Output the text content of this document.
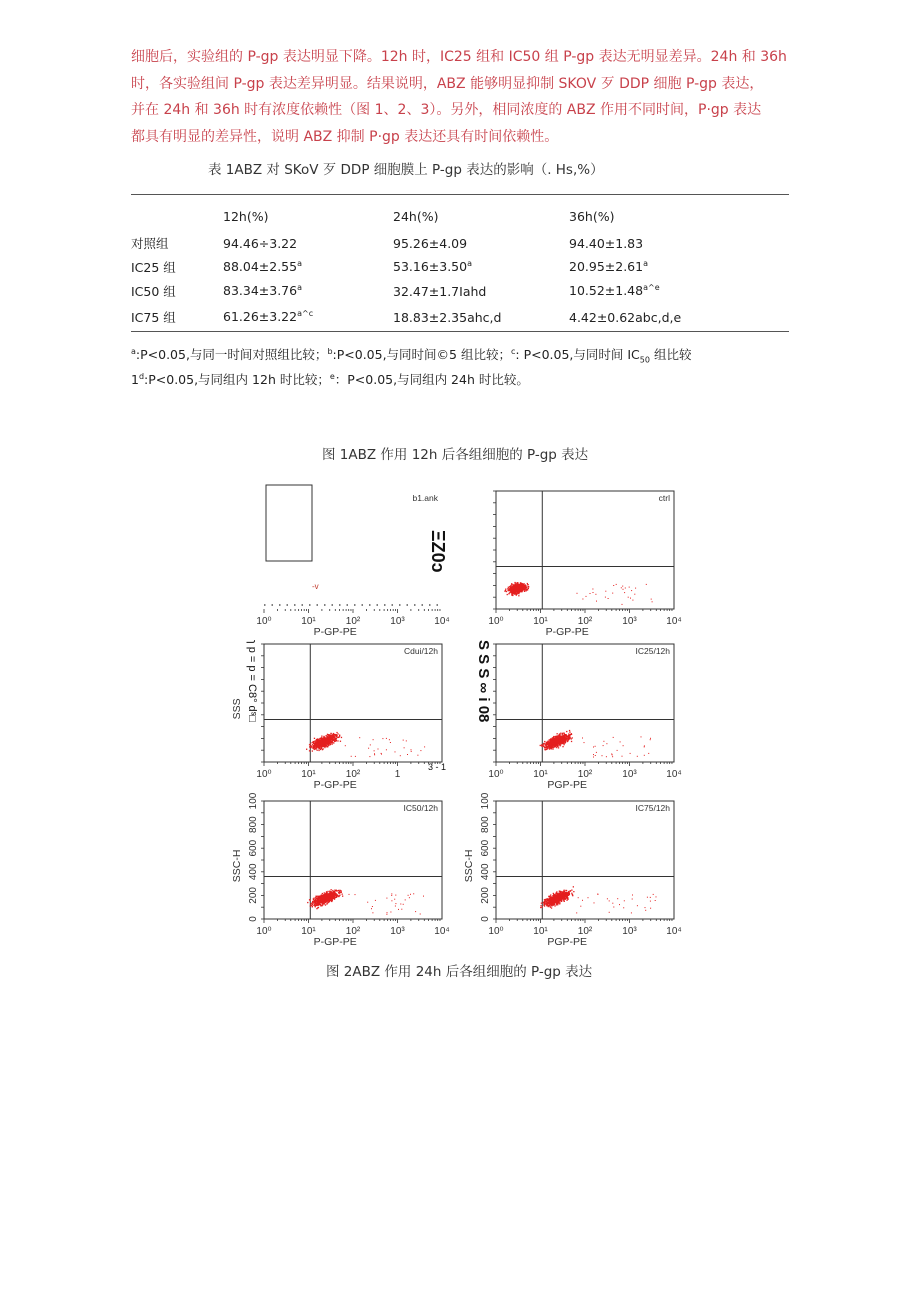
细胞后，实验组的 P-gp 表达明显下降。12h 时，IC25 组和 IC50 组 P-gp 表达无明显差异。24h 和 36h

时，各实验组间 P-gp 表达差异明显。结果说明，ABZ 能够明显抑制 SKOV 歹 DDP 细胞 P-gp 表达，

并在 24h 和 36h 时有浓度依赖性（图 1、2、3）。另外，相同浓度的 ABZ 作用不同时间，P·gp 表达

都具有明显的差异性，说明 ABZ 抑制 P·gp 表达还具有时间依赖性。

表 1ABZ 对 SKoV 歹 DDP 细胞膜上 P-gp 表达的影响（. Hs,%）
	12h(%)	24h(%)	36h(%)
对照组	94.46÷3.22	95.26±4.09	94.40±1.83
IC25 组	88.04±2.55$^a$	53.16±3.50$^a$	20.95±2.61$^a$
IC50 组	83.34±3.76$^a$	32.47±1.7Iahd	$10.52\pm 1.48^{a\^{}e}$
IC75 组	$61.26\pm 3.22^{a\^{}c}$	18.83±2.35ahc,d	4.42±0.62abc,d,e
$^a$:P<0.05,与同一时间对照组比较；$^b$:P<0.05,与同时间©5 组比较；$^c$: P<0.05,与同时间 $IC_{50}$ 组比较
$1^d:P<0.05$,与同组内 12h 时比较；$^e$：P<0.05,与同组内 24h 时比较。
图 1ABZ 作用 12h 后各组细胞的 P-gp 表达
10⁰	10¹	10²	10³	10⁴
P-GP-PE
b1.ank
10⁰	10¹	10²	10³	10⁴
P-GP-PE
ctrl
10⁰	10¹	10²	1
P-GP-PE
SSS
Cdui/12h
10⁰	10¹	10²	10³	10⁴
PGP-PE
IC25/12h
10⁰	10¹	10²	10³	10⁴
0
200
400
600
800
100
P-GP-PE
SSC-H
IC50/12h
10⁰	10¹	10²	10³	10⁴
0
200
400
600
800
100
PGP-PE
SSC-H
IC75/12h
-v
ΞZ0ɔ
S S S ∞ i 08
ɿ p = p = C8° dˢ□
3 - 1
图 2ABZ 作用 24h 后各组细胞的 P-gp 表达
